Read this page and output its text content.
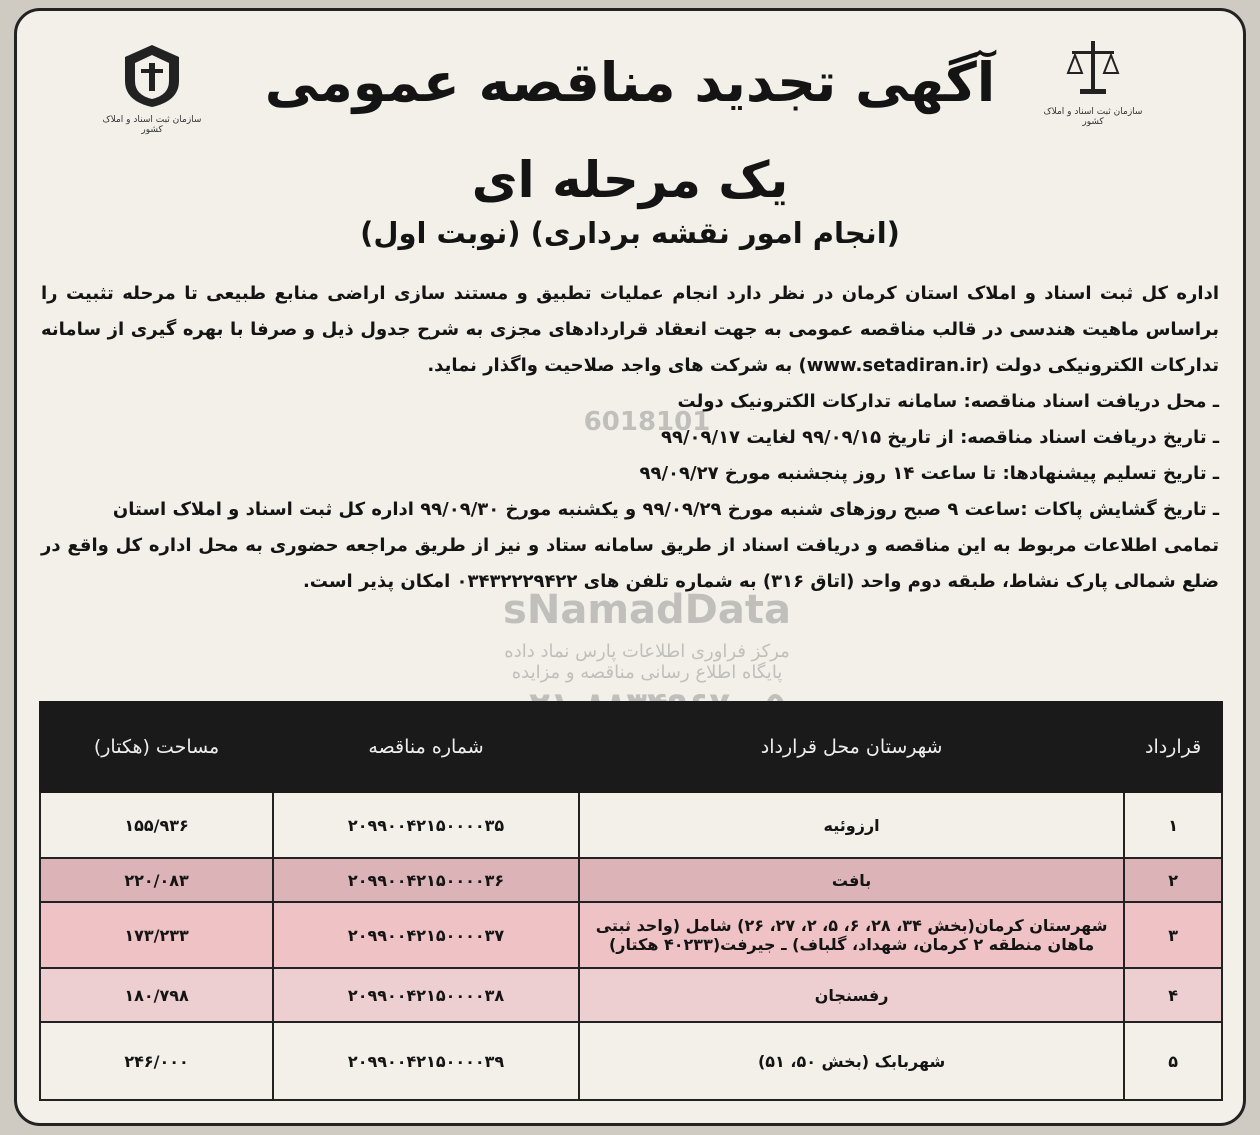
سازمان ثبت اسناد و املاک کشور
سازمان ثبت اسناد و املاک کشور
آگهی تجدید مناقصه عمومی
یک مرحله ای
(انجام امور نقشه برداری) (نوبت اول)

اداره کل ثبت اسناد و املاک استان کرمان در نظر دارد انجام عملیات تطبیق و مستند سازی اراضی منابع طبیعی تا مرحله تثبیت را براساس ماهیت هندسی در قالب مناقصه عمومی به جهت انعقاد قراردادهای مجزی به شرح جدول ذیل و صرفا با بهره گیری از سامانه تدارکات الکترونیکی دولت (www.setadiran.ir) به شرکت های واجد صلاحیت واگذار نماید.

ـ محل دریافت اسناد مناقصه: سامانه تدارکات الکترونیک دولت

ـ تاریخ دریافت اسناد مناقصه: از تاریخ ۹۹/۰۹/۱۵ لغایت ۹۹/۰۹/۱۷

ـ تاریخ تسلیم پیشنهادها: تا ساعت ۱۴ روز پنجشنبه مورخ ۹۹/۰۹/۲۷

ـ تاریخ گشایش پاکات :ساعت ۹ صبح روزهای شنبه مورخ ۹۹/۰۹/۲۹ و یکشنبه مورخ ۹۹/۰۹/۳۰ اداره کل ثبت اسناد و املاک استان

تمامی اطلاعات مربوط به این مناقصه و دریافت اسناد از طریق سامانه ستاد و نیز از طریق مراجعه حضوری به محل اداره کل واقع در ضلع شمالی پارک نشاط، طبقه دوم واحد (اتاق ۳۱۶) به شماره تلفن های ۰۳۴۳۲۲۲۹۴۲۲ امکان پذیر است.

6018101
sNamadData
مرکز فراوری اطلاعات پارس نماد داده
پایگاه اطلاع رسانی مناقصه و مزایده
قرارداد	شهرستان محل قرارداد	شماره مناقصه	مساحت (هکتار)
۱	ارزوئیه	۲۰۹۹۰۰۴۲۱۵۰۰۰۰۳۵	۱۵۵/۹۳۶
۲	بافت	۲۰۹۹۰۰۴۲۱۵۰۰۰۰۳۶	۲۲۰/۰۸۳
۳	شهرستان کرمان(بخش ۳۴، ۲۸، ۶، ۵، ۲، ۲۷، ۲۶) شامل (واحد ثبتی ماهان منطقه ۲ کرمان، شهداد، گلباف) ـ جیرفت(۴۰۲۳۳ هکتار)	۲۰۹۹۰۰۴۲۱۵۰۰۰۰۳۷	۱۷۳/۲۳۳
۴	رفسنجان	۲۰۹۹۰۰۴۲۱۵۰۰۰۰۳۸	۱۸۰/۷۹۸
۵	شهربابک (بخش ۵۰، ۵۱)	۲۰۹۹۰۰۴۲۱۵۰۰۰۰۳۹	۲۴۶/۰۰۰
